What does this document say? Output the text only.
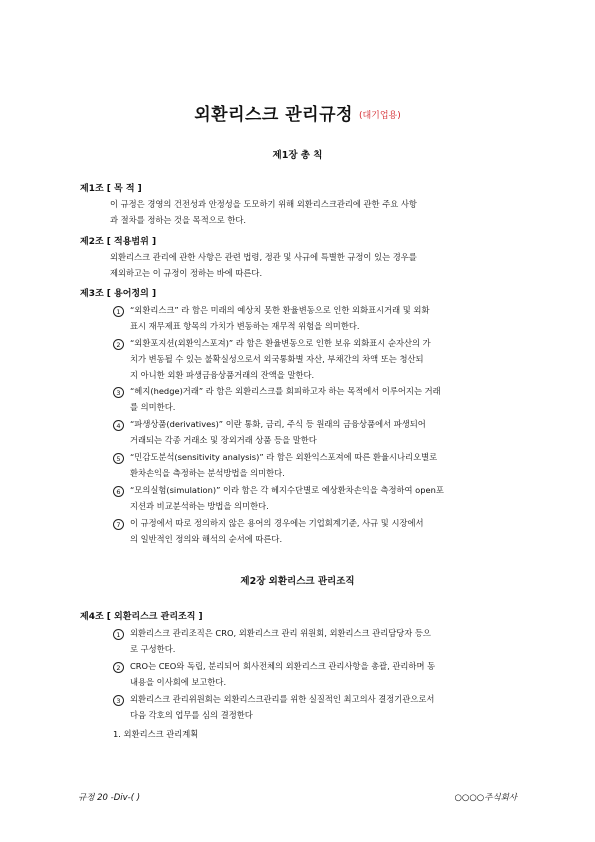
외환리스크 관리규정 (대기업용)
제1장 총 칙
제1조 [ 목 적 ]
이 규정은 경영의 건전성과 안정성을 도모하기 위해 외환리스크관리에 관한 주요 사항
과 절차를 정하는 것을 목적으로 한다.
제2조 [ 적용범위 ]
외환리스크 관리에 관한 사항은 관련 법령, 정관 및 사규에 특별한 규정이 있는 경우를
제외하고는 이 규정이 정하는 바에 따른다.
제3조 [ 용어정의 ]
1	“외환리스크” 라 함은 미래의 예상치 못한 환율변동으로 인한 외화표시거래 및 외화
표시 재무제표 항목의 가치가 변동하는 재무적 위험을 의미한다.
2	“외환포지션(외환익스포져)” 라 함은 환율변동으로 인한 보유 외화표시 순자산의 가
치가 변동될 수 있는 불확실성으로서 외국통화별 자산, 부채간의 차액 또는 청산되
지 아니한 외환 파생금융상품거래의 잔액을 말한다.
3	“헤지(hedge)거래” 라 함은 외환리스크를 회피하고자 하는 목적에서 이루어지는 거래
를 의미한다.
4	“파생상품(derivatives)” 이란 통화, 금리, 주식 등 원래의 금융상품에서 파생되어
거래되는 각종 거래소 및 장외거래 상품 등을 말한다
5	“민감도분석(sensitivity analysis)” 라 함은 외환익스포져에 따른 환율시나리오별로
환차손익을 측정하는 분석방법을 의미한다.
6	“모의실험(simulation)” 이라 함은 각 헤지수단별로 예상환차손익을 측정하여 open포
지션과 비교분석하는 방법을 의미한다.
7	이 규정에서 따로 정의하지 않은 용어의 경우에는 기업회계기준, 사규 및 시장에서
의 일반적인 정의와 해석의 순서에 따른다.
제2장 외환리스크 관리조직
제4조 [ 외환리스크 관리조직 ]
1	외환리스크 관리조직은 CRO, 외환리스크 관리 위원회, 외환리스크 관리담당자 등으
로 구성한다.
2	CRO는 CEO와 독립, 분리되어 회사전체의 외환리스크 관리사항을 총괄, 관리하며 동
내용을 이사회에 보고한다.
3	외환리스크 관리위원회는 외환리스크관리를 위한 실질적인 최고의사 결정기관으로서
다음 각호의 업무를 심의 결정한다
1. 외환리스크 관리계획
규정 20 -Div-( )	○○○○주식회사
